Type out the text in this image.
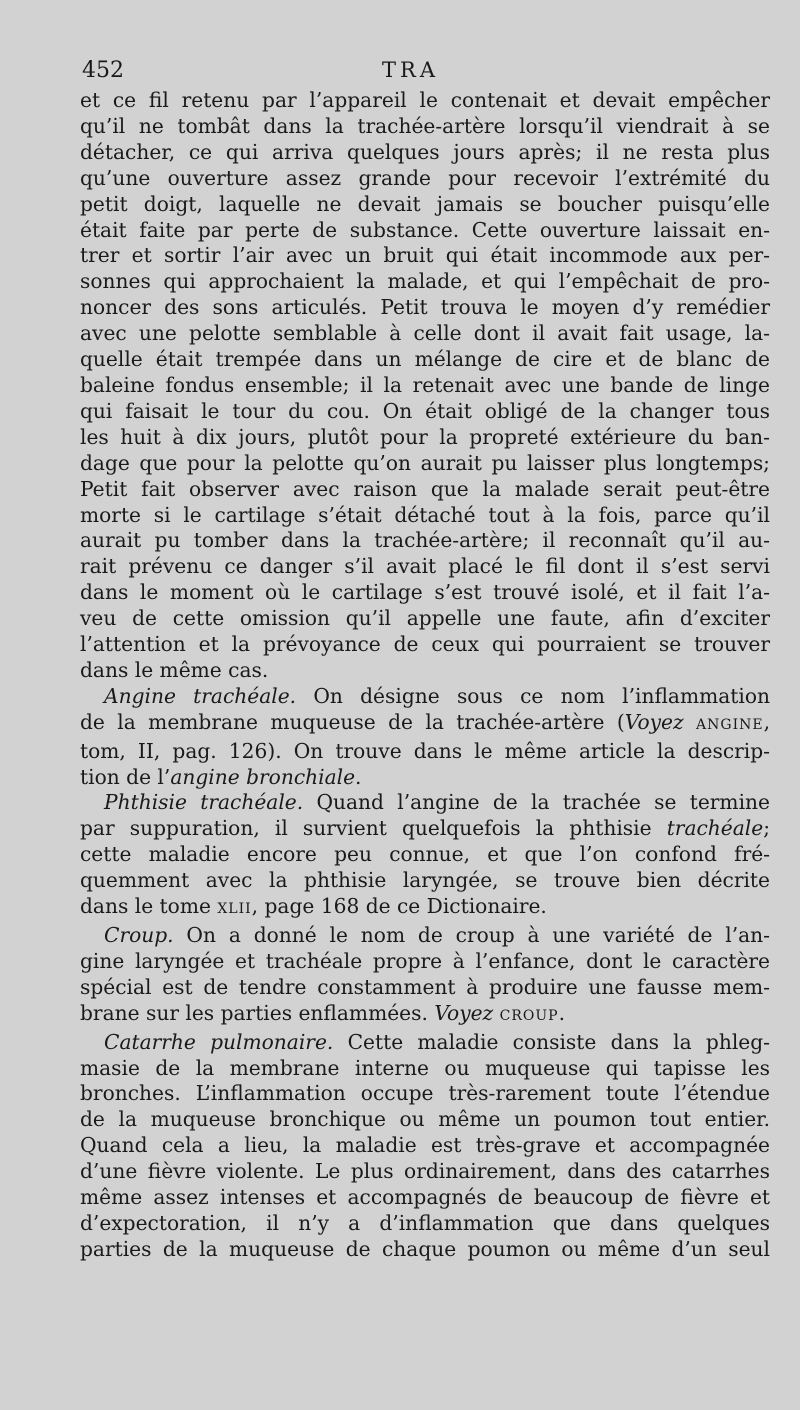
452	TRA
et ce fil retenu par l’appareil le contenait et devait empêcher
qu’il ne tombât dans la trachée-artère lorsqu’il viendrait à se
détacher, ce qui arriva quelques jours après; il ne resta plus
qu’une ouverture assez grande pour recevoir l’extrémité du
petit doigt, laquelle ne devait jamais se boucher puisqu’elle
était faite par perte de substance. Cette ouverture laissait en-
trer et sortir l’air avec un bruit qui était incommode aux per-
sonnes qui approchaient la malade, et qui l’empêchait de pro-
noncer des sons articulés. Petit trouva le moyen d’y remédier
avec une pelotte semblable à celle dont il avait fait usage, la-
quelle était trempée dans un mélange de cire et de blanc de
baleine fondus ensemble; il la retenait avec une bande de linge
qui faisait le tour du cou. On était obligé de la changer tous
les huit à dix jours, plutôt pour la propreté extérieure du ban-
dage que pour la pelotte qu’on aurait pu laisser plus longtemps;
Petit fait observer avec raison que la malade serait peut-être
morte si le cartilage s’était détaché tout à la fois, parce qu’il
aurait pu tomber dans la trachée-artère; il reconnaît qu’il au-
rait prévenu ce danger s’il avait placé le fil dont il s’est servi
dans le moment où le cartilage s’est trouvé isolé, et il fait l’a-
veu de cette omission qu’il appelle une faute, afin d’exciter
l’attention et la prévoyance de ceux qui pourraient se trouver
dans le même cas.
Angine trachéale. On désigne sous ce nom l’inflammation
de la membrane muqueuse de la trachée-artère (Voyez ANGINE,
tom, II, pag. 126). On trouve dans le même article la descrip-
tion de l’angine bronchiale.
Phthisie trachéale. Quand l’angine de la trachée se termine
par suppuration, il survient quelquefois la phthisie trachéale;
cette maladie encore peu connue, et que l’on confond fré-
quemment avec la phthisie laryngée, se trouve bien décrite
dans le tome XLII, page 168 de ce Dictionaire.
Croup. On a donné le nom de croup à une variété de l’an-
gine laryngée et trachéale propre à l’enfance, dont le caractère
spécial est de tendre constamment à produire une fausse mem-
brane sur les parties enflammées. Voyez CROUP.
Catarrhe pulmonaire. Cette maladie consiste dans la phleg-
masie de la membrane interne ou muqueuse qui tapisse les
bronches. L’inflammation occupe très-rarement toute l’étendue
de la muqueuse bronchique ou même un poumon tout entier.
Quand cela a lieu, la maladie est très-grave et accompagnée
d’une fièvre violente. Le plus ordinairement, dans des catarrhes
même assez intenses et accompagnés de beaucoup de fièvre et
d’expectoration, il n’y a d’inflammation que dans quelques
parties de la muqueuse de chaque poumon ou même d’un seul
